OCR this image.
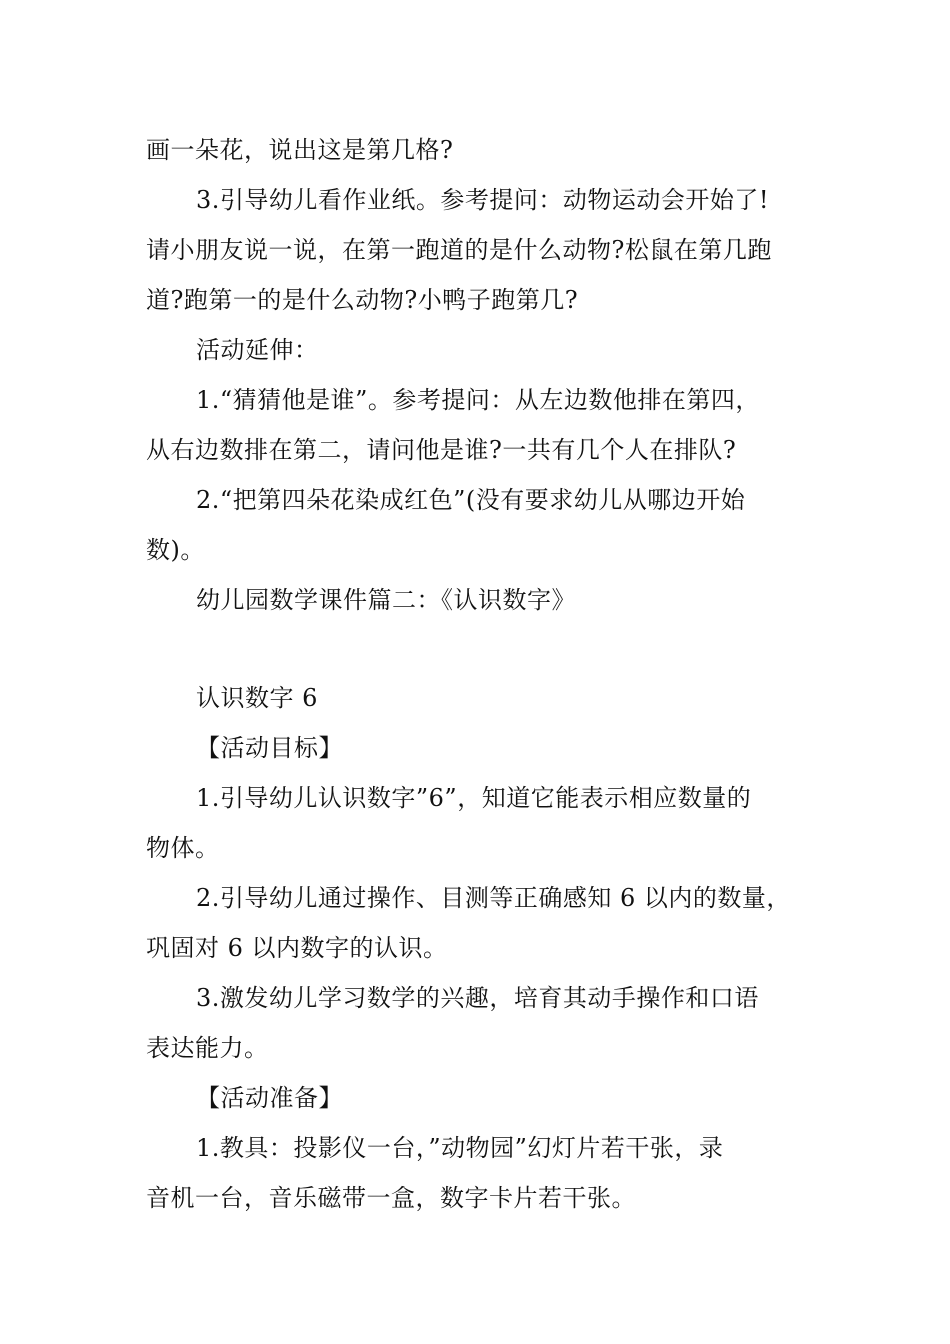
画一朵花，说出这是第几格?
3.引导幼儿看作业纸。参考提问：动物运动会开始了!
请小朋友说一说，在第一跑道的是什么动物?松鼠在第几跑
道?跑第一的是什么动物?小鸭子跑第几?
活动延伸：
1.“猜猜他是谁”。参考提问：从左边数他排在第四，
从右边数排在第二，请问他是谁?一共有几个人在排队?
2.“把第四朵花染成红色”(没有要求幼儿从哪边开始
数)。
幼儿园数学课件篇二：《认识数字》
认识数字 6
【活动目标】
1.引导幼儿认识数字”6”，知道它能表示相应数量的
物体。
2.引导幼儿通过操作、目测等正确感知 6 以内的数量，
巩固对 6 以内数字的认识。
3.激发幼儿学习数学的兴趣，培育其动手操作和口语
表达能力。
【活动准备】
1.教具：投影仪一台，”动物园”幻灯片若干张，录
音机一台，音乐磁带一盒，数字卡片若干张。
